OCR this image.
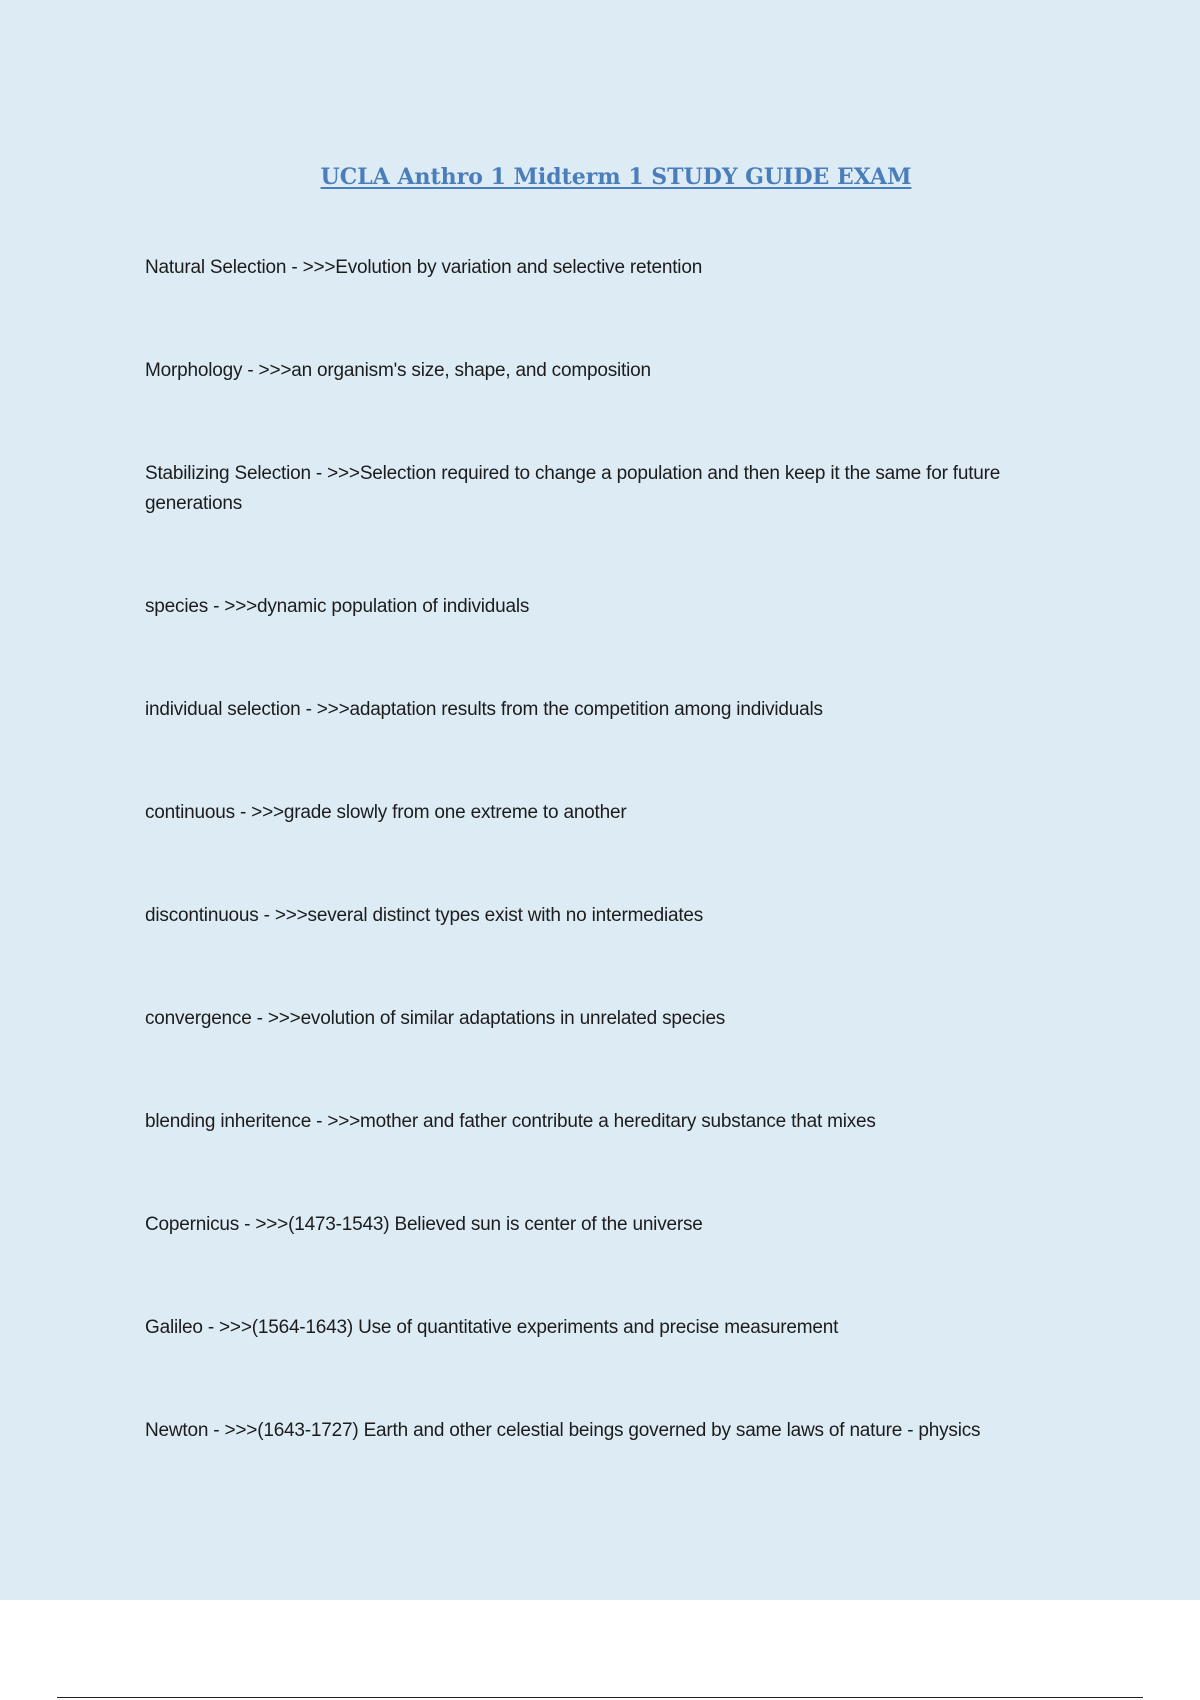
UCLA Anthro 1 Midterm 1 STUDY GUIDE EXAM
Natural Selection - >>>Evolution by variation and selective retention
Morphology - >>>an organism's size, shape, and composition
Stabilizing Selection - >>>Selection required to change a population and then keep it the same for future generations
species - >>>dynamic population of individuals
individual selection - >>>adaptation results from the competition among individuals
continuous - >>>grade slowly from one extreme to another
discontinuous - >>>several distinct types exist with no intermediates
convergence - >>>evolution of similar adaptations in unrelated species
blending inheritence - >>>mother and father contribute a hereditary substance that mixes
Copernicus - >>>(1473-1543) Believed sun is center of the universe
Galileo - >>>(1564-1643) Use of quantitative experiments and precise measurement
Newton - >>>(1643-1727) Earth and other celestial beings governed by same laws of nature - physics
